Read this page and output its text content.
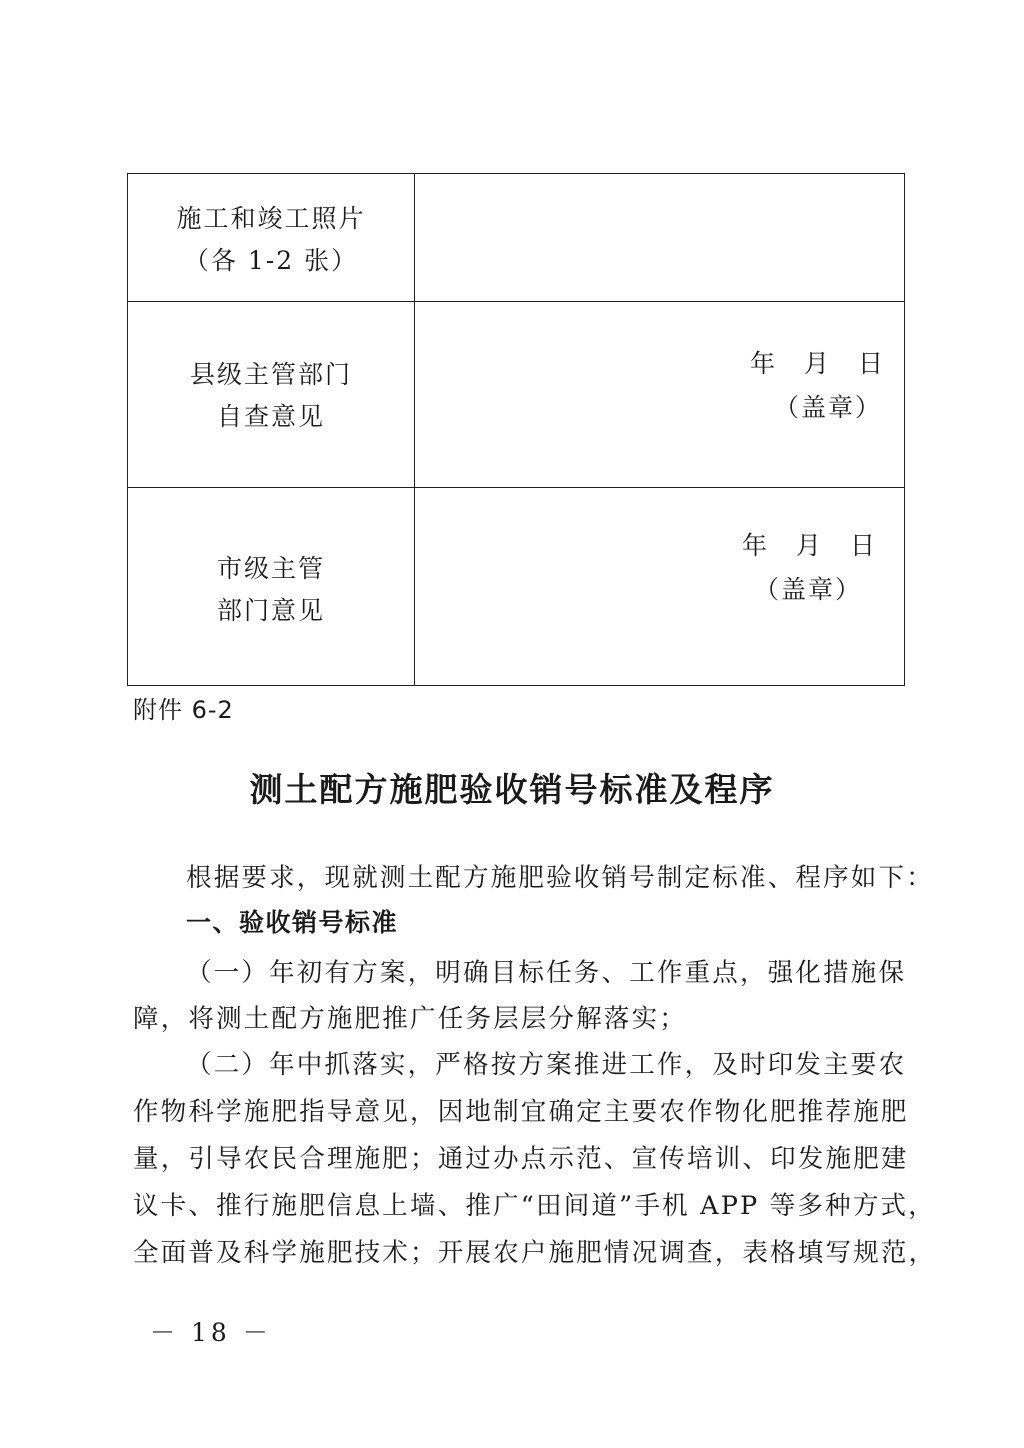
施工和竣工照片
（各 1-2 张）
县级主管部门
自查意见
年　月　日
（盖章）
市级主管
部门意见
年　月　日
（盖章）
附件 6-2
测土配方施肥验收销号标准及程序
根据要求，现就测土配方施肥验收销号制定标准、程序如下：
一、验收销号标准
（一）年初有方案，明确目标任务、工作重点，强化措施保
障，将测土配方施肥推广任务层层分解落实；
（二）年中抓落实，严格按方案推进工作，及时印发主要农
作物科学施肥指导意见，因地制宜确定主要农作物化肥推荐施肥
量，引导农民合理施肥；通过办点示范、宣传培训、印发施肥建
议卡、推行施肥信息上墙、推广“田间道”手机 APP 等多种方式，
全面普及科学施肥技术；开展农户施肥情况调查，表格填写规范，
－ 18 －
